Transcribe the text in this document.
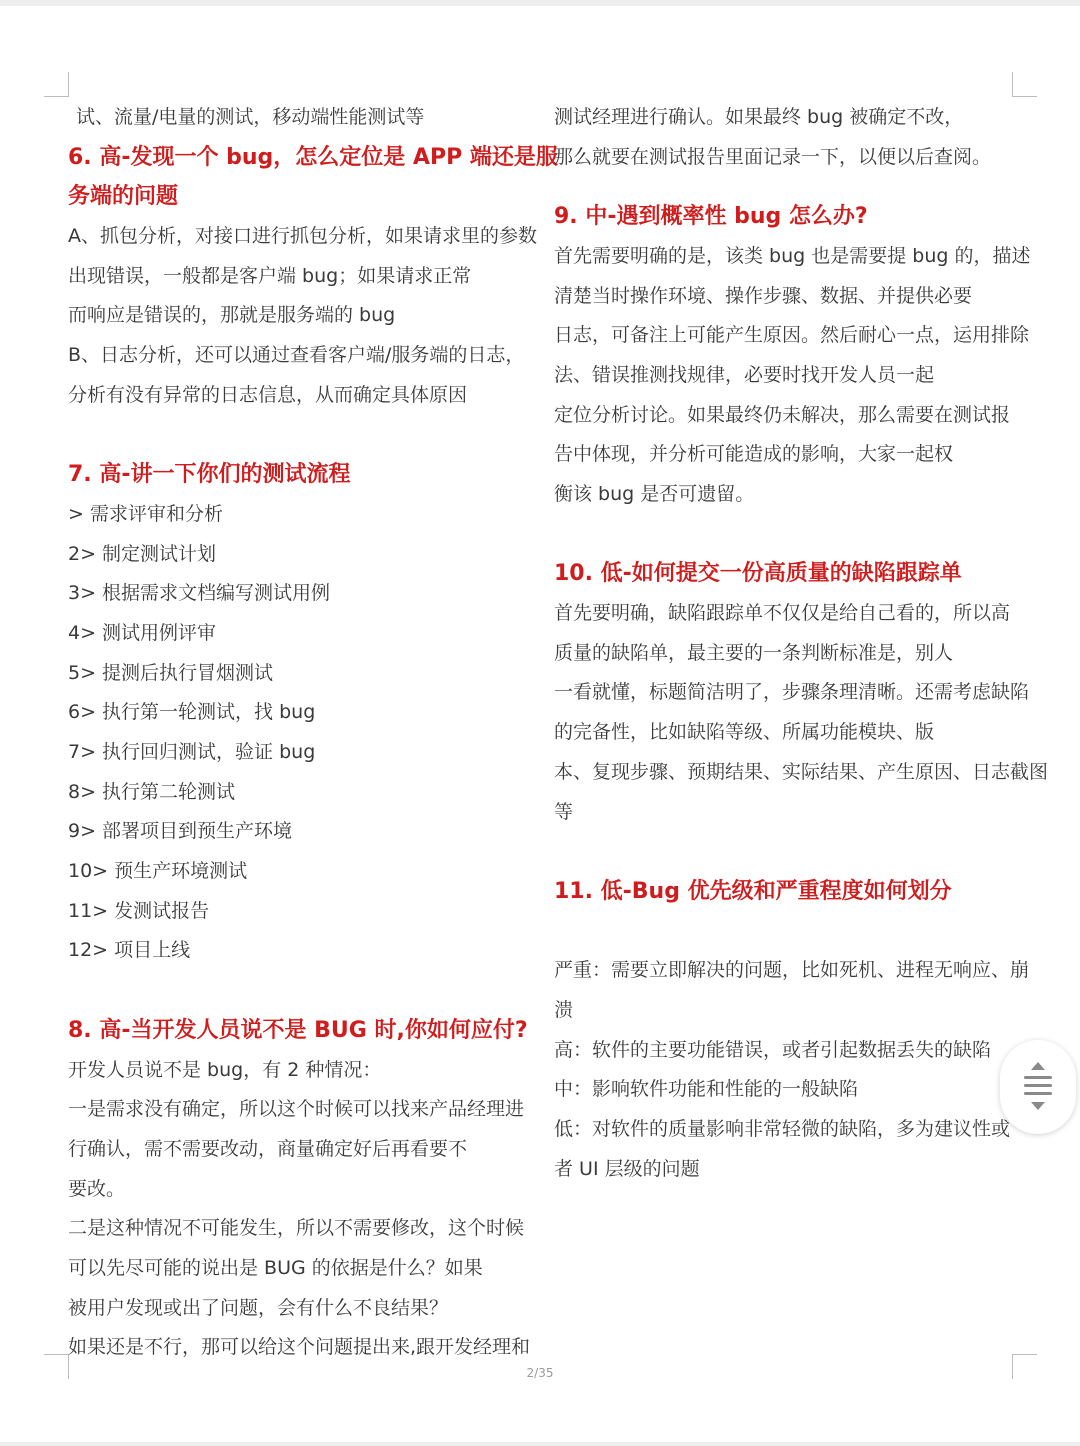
试、流量/电量的测试，移动端性能测试等
6. 高-发现一个 bug，怎么定位是 APP 端还是服
务端的问题
A、抓包分析，对接口进行抓包分析，如果请求里的参数
出现错误，一般都是客户端 bug；如果请求正常
而响应是错误的，那就是服务端的 bug
B、日志分析，还可以通过查看客户端/服务端的日志，
分析有没有异常的日志信息，从而确定具体原因
7. 高-讲一下你们的测试流程
> 需求评审和分析
2> 制定测试计划
3> 根据需求文档编写测试用例
4> 测试用例评审
5> 提测后执行冒烟测试
6> 执行第一轮测试，找 bug
7> 执行回归测试，验证 bug
8> 执行第二轮测试
9> 部署项目到预生产环境
10> 预生产环境测试
11> 发测试报告
12> 项目上线
8. 高-当开发人员说不是 BUG 时,你如何应付?
开发人员说不是 bug，有 2 种情况：
一是需求没有确定，所以这个时候可以找来产品经理进
行确认，需不需要改动，商量确定好后再看要不
要改。
二是这种情况不可能发生，所以不需要修改，这个时候
可以先尽可能的说出是 BUG 的依据是什么？如果
被用户发现或出了问题，会有什么不良结果？
如果还是不行，那可以给这个问题提出来,跟开发经理和
测试经理进行确认。如果最终 bug 被确定不改，
那么就要在测试报告里面记录一下，以便以后查阅。
9. 中-遇到概率性 bug 怎么办?
首先需要明确的是，该类 bug 也是需要提 bug 的，描述
清楚当时操作环境、操作步骤、数据、并提供必要
日志，可备注上可能产生原因。然后耐心一点，运用排除
法、错误推测找规律，必要时找开发人员一起
定位分析讨论。如果最终仍未解决，那么需要在测试报
告中体现，并分析可能造成的影响，大家一起权
衡该 bug 是否可遗留。
10. 低-如何提交一份高质量的缺陷跟踪单
首先要明确，缺陷跟踪单不仅仅是给自己看的，所以高
质量的缺陷单，最主要的一条判断标准是，别人
一看就懂，标题简洁明了，步骤条理清晰。还需考虑缺陷
的完备性，比如缺陷等级、所属功能模块、版
本、复现步骤、预期结果、实际结果、产生原因、日志截图
等
11. 低-Bug 优先级和严重程度如何划分
严重：需要立即解决的问题，比如死机、进程无响应、崩
溃
高：软件的主要功能错误，或者引起数据丢失的缺陷
中：影响软件功能和性能的一般缺陷
低：对软件的质量影响非常轻微的缺陷，多为建议性或
者 UI 层级的问题
2/35
